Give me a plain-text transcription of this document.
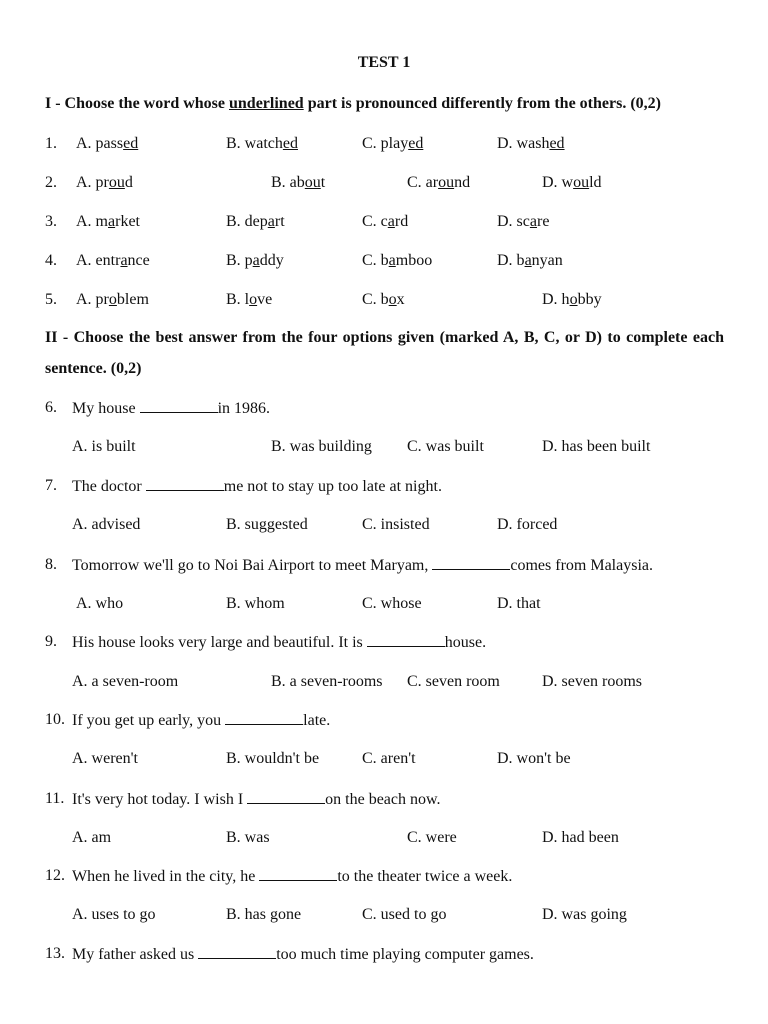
TEST 1
I - Choose the word whose underlined part is pronounced differently from the others. (0,2)
1. A. passed	B. watched	C. played	D. washed
2. A. proud	B. about	C. around	D. would
3. A. market	B. depart	C. card	D. scare
4. A. entrance	B. paddy	C. bamboo	D. banyan
5. A. problem	B. love	C. box	D. hobby
II - Choose the best answer from the four options given (marked A, B, C, or D) to complete each sentence. (0,2)
6. My house	in 1986.
A. is built	B. was building C. was built	D. has been built
7. The doctor	me not to stay up too late at night.
A. advised	B. suggested	C. insisted	D. forced
8. Tomorrow we'll go to Noi Bai Airport to meet Maryam,	comes from Malaysia.
A. who	B. whom	C. whose	D. that
9. His house looks very large and beautiful. It is	house.
A. a seven-room	B. a seven-rooms C. seven room	D. seven rooms
10. If you get up early, you	late.
A. weren't	B. wouldn't be	C. aren't	D. won't be
11. It's very hot today. I wish I	on the beach now.
A. am	B. was	C. were	D. had been
12. When he lived in the city, he	to the theater twice a week.
A. uses to go	B. has gone	C. used to go	D. was going
13. My father asked us	too much time playing computer games.
